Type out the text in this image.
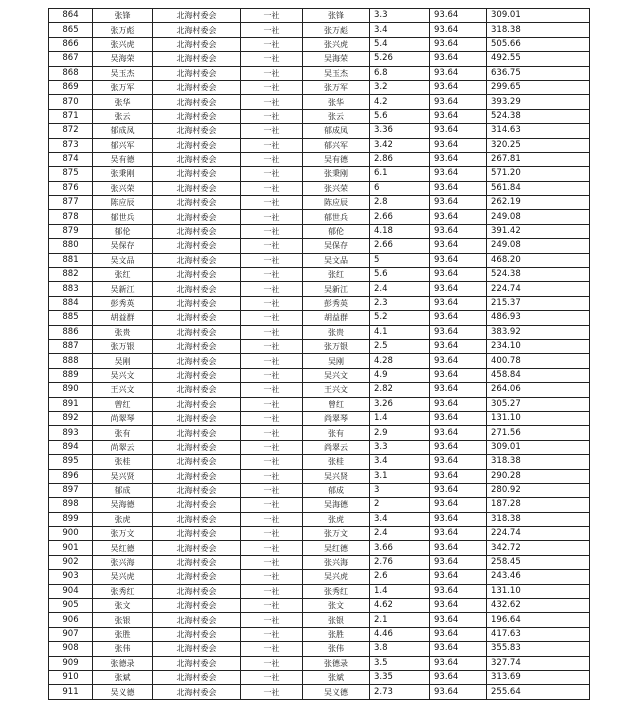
864	张锋	北海村委会	一社	张锋	3.3	93.64	309.01
865	张万彪	北海村委会	一社	张万彪	3.4	93.64	318.38
866	张兴虎	北海村委会	一社	张兴虎	5.4	93.64	505.66
867	吴海荣	北海村委会	一社	吴海荣	5.26	93.64	492.55
868	吴玉杰	北海村委会	一社	吴玉杰	6.8	93.64	636.75
869	张万军	北海村委会	一社	张万军	3.2	93.64	299.65
870	张华	北海村委会	一社	张华	4.2	93.64	393.29
871	张云	北海村委会	一社	张云	5.6	93.64	524.38
872	郁成凤	北海村委会	一社	郁成凤	3.36	93.64	314.63
873	郁兴军	北海村委会	一社	郁兴军	3.42	93.64	320.25
874	吴有德	北海村委会	一社	吴有德	2.86	93.64	267.81
875	张秉刚	北海村委会	一社	张秉刚	6.1	93.64	571.20
876	张兴荣	北海村委会	一社	张兴荣	6	93.64	561.84
877	陈应辰	北海村委会	一社	陈应辰	2.8	93.64	262.19
878	郁世兵	北海村委会	一社	郁世兵	2.66	93.64	249.08
879	郁伦	北海村委会	一社	郁伦	4.18	93.64	391.42
880	吴保存	北海村委会	一社	吴保存	2.66	93.64	249.08
881	吴文品	北海村委会	一社	吴文品	5	93.64	468.20
882	张红	北海村委会	一社	张红	5.6	93.64	524.38
883	吴新江	北海村委会	一社	吴新江	2.4	93.64	224.74
884	彭秀英	北海村委会	一社	彭秀英	2.3	93.64	215.37
885	胡益群	北海村委会	一社	胡益群	5.2	93.64	486.93
886	张贵	北海村委会	一社	张贵	4.1	93.64	383.92
887	张万银	北海村委会	一社	张万银	2.5	93.64	234.10
888	吴刚	北海村委会	一社	吴刚	4.28	93.64	400.78
889	吴兴文	北海村委会	一社	吴兴文	4.9	93.64	458.84
890	王兴文	北海村委会	一社	王兴文	2.82	93.64	264.06
891	曾红	北海村委会	一社	曾红	3.26	93.64	305.27
892	尚翠琴	北海村委会	一社	尚翠琴	1.4	93.64	131.10
893	张有	北海村委会	一社	张有	2.9	93.64	271.56
894	尚翠云	北海村委会	一社	尚翠云	3.3	93.64	309.01
895	张桂	北海村委会	一社	张桂	3.4	93.64	318.38
896	吴兴贤	北海村委会	一社	吴兴贤	3.1	93.64	290.28
897	郁成	北海村委会	一社	郁成	3	93.64	280.92
898	吴海德	北海村委会	一社	吴海德	2	93.64	187.28
899	张虎	北海村委会	一社	张虎	3.4	93.64	318.38
900	张万文	北海村委会	一社	张万文	2.4	93.64	224.74
901	吴红德	北海村委会	一社	吴红德	3.66	93.64	342.72
902	张兴海	北海村委会	一社	张兴海	2.76	93.64	258.45
903	吴兴虎	北海村委会	一社	吴兴虎	2.6	93.64	243.46
904	张秀红	北海村委会	一社	张秀红	1.4	93.64	131.10
905	张文	北海村委会	一社	张文	4.62	93.64	432.62
906	张银	北海村委会	一社	张银	2.1	93.64	196.64
907	张胜	北海村委会	一社	张胜	4.46	93.64	417.63
908	张伟	北海村委会	一社	张伟	3.8	93.64	355.83
909	张德录	北海村委会	一社	张德录	3.5	93.64	327.74
910	张斌	北海村委会	一社	张斌	3.35	93.64	313.69
911	吴义德	北海村委会	一社	吴义德	2.73	93.64	255.64
